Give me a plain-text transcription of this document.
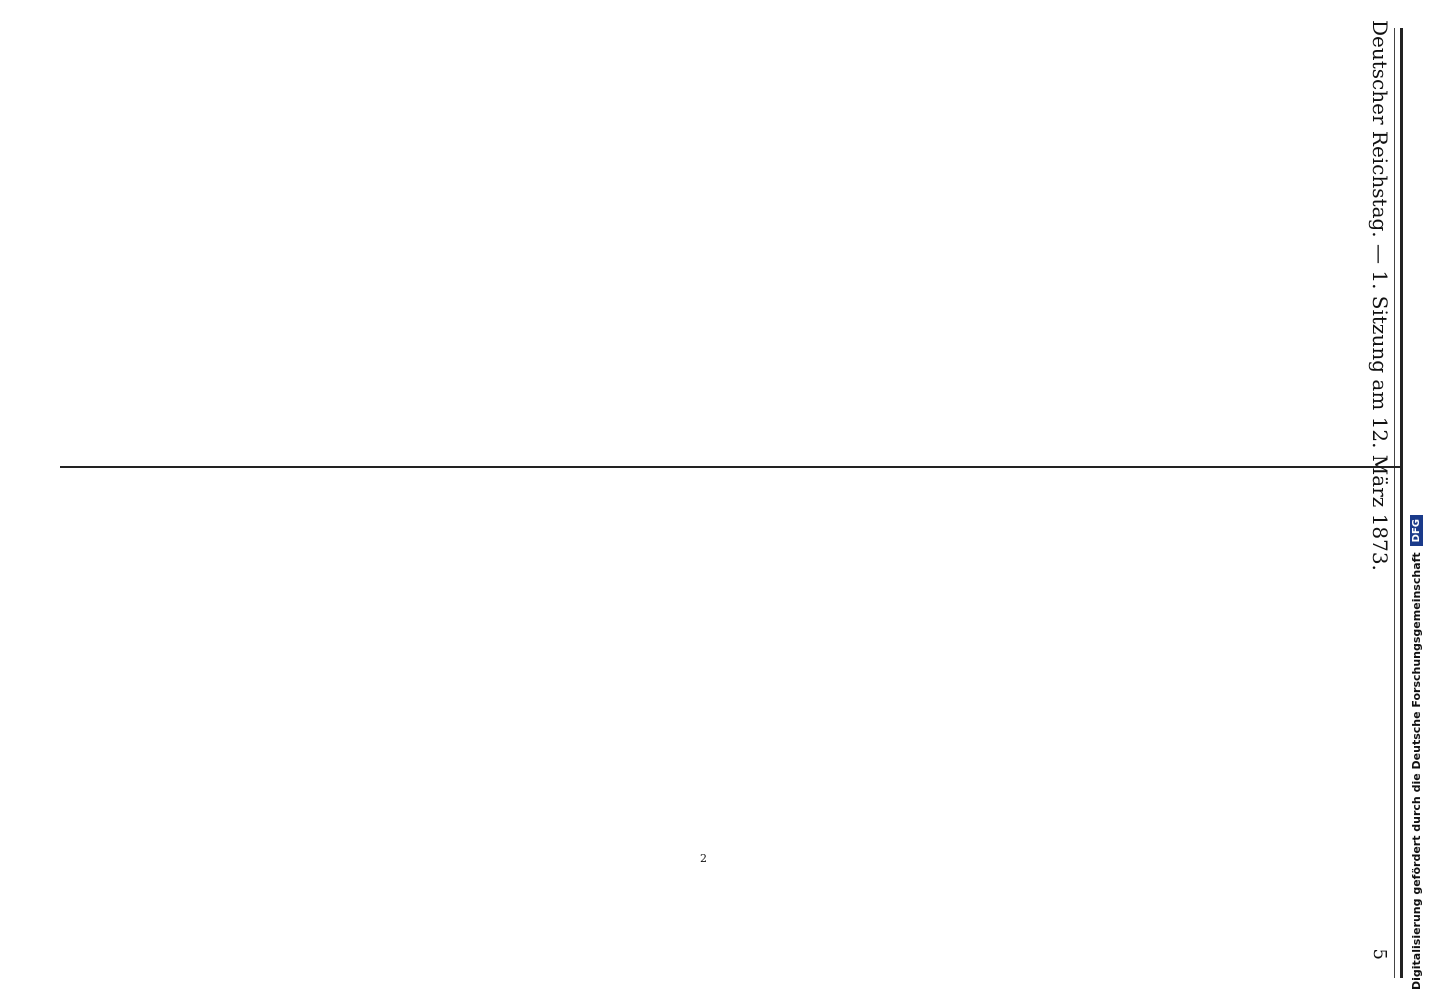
Deutscher Reichstag. — 1. Sitzung am 12. März 1873.
5
2	Digitalisierung gefördert durch die Deutsche Forschungsgemeinschaft
DFG
